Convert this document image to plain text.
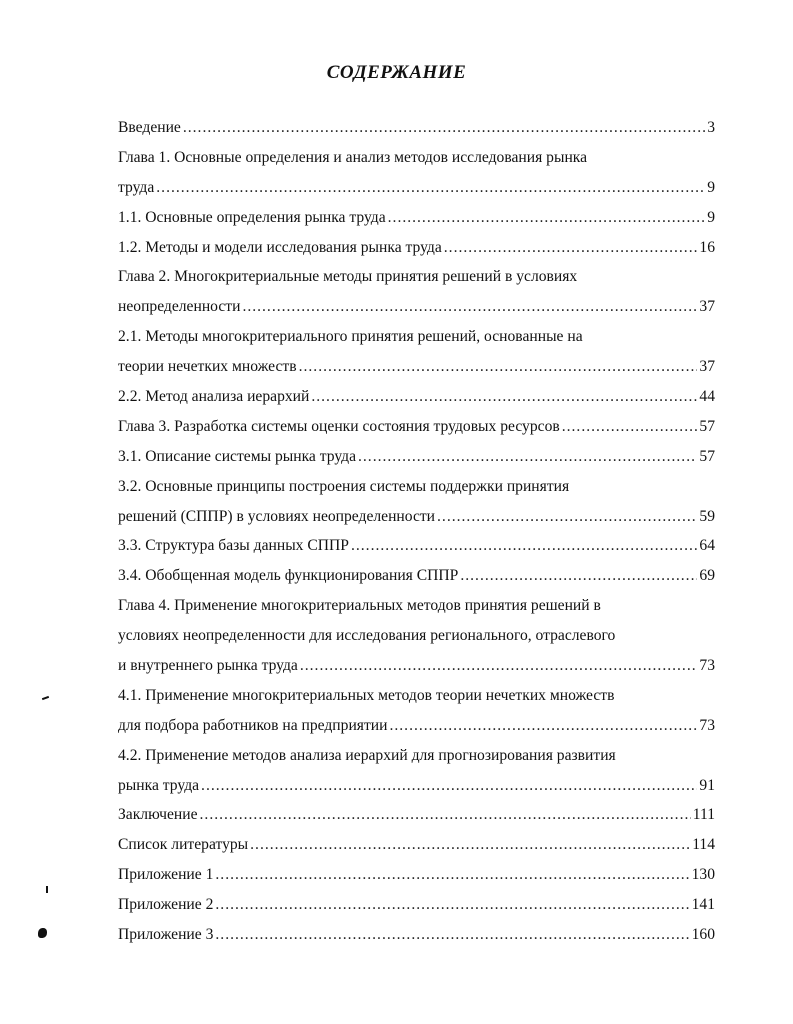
СОДЕРЖАНИЕ
Введение .....	3
Глава 1. Основные определения и анализ методов исследования рынка
труда .....	9
1.1. Основные определения рынка труда .....	9
1.2. Методы и модели исследования рынка труда .....	16
Глава 2. Многокритериальные методы принятия решений в условиях
неопределенности .....	37
2.1. Методы многокритериального принятия решений, основанные на
теории нечетких множеств .....	37
2.2. Метод анализа иерархий .....	44
Глава 3. Разработка системы оценки состояния трудовых ресурсов .....	57
3.1. Описание системы рынка труда .....	57
3.2. Основные принципы построения системы поддержки принятия
решений (СППР) в условиях неопределенности .....	59
3.3. Структура базы данных СППР .....	64
3.4. Обобщенная модель функционирования СППР .....	69
Глава 4. Применение многокритериальных методов принятия решений в
условиях неопределенности для исследования регионального, отраслевого
и внутреннего рынка труда .....	73
4.1. Применение многокритериальных методов теории нечетких множеств
для подбора работников на предприятии .....	73
4.2. Применение методов анализа иерархий для прогнозирования развития
рынка труда .....	91
Заключение .....	111
Список литературы .....	114
Приложение 1 .....	130
Приложение 2 .....	141
Приложение 3 .....	160
